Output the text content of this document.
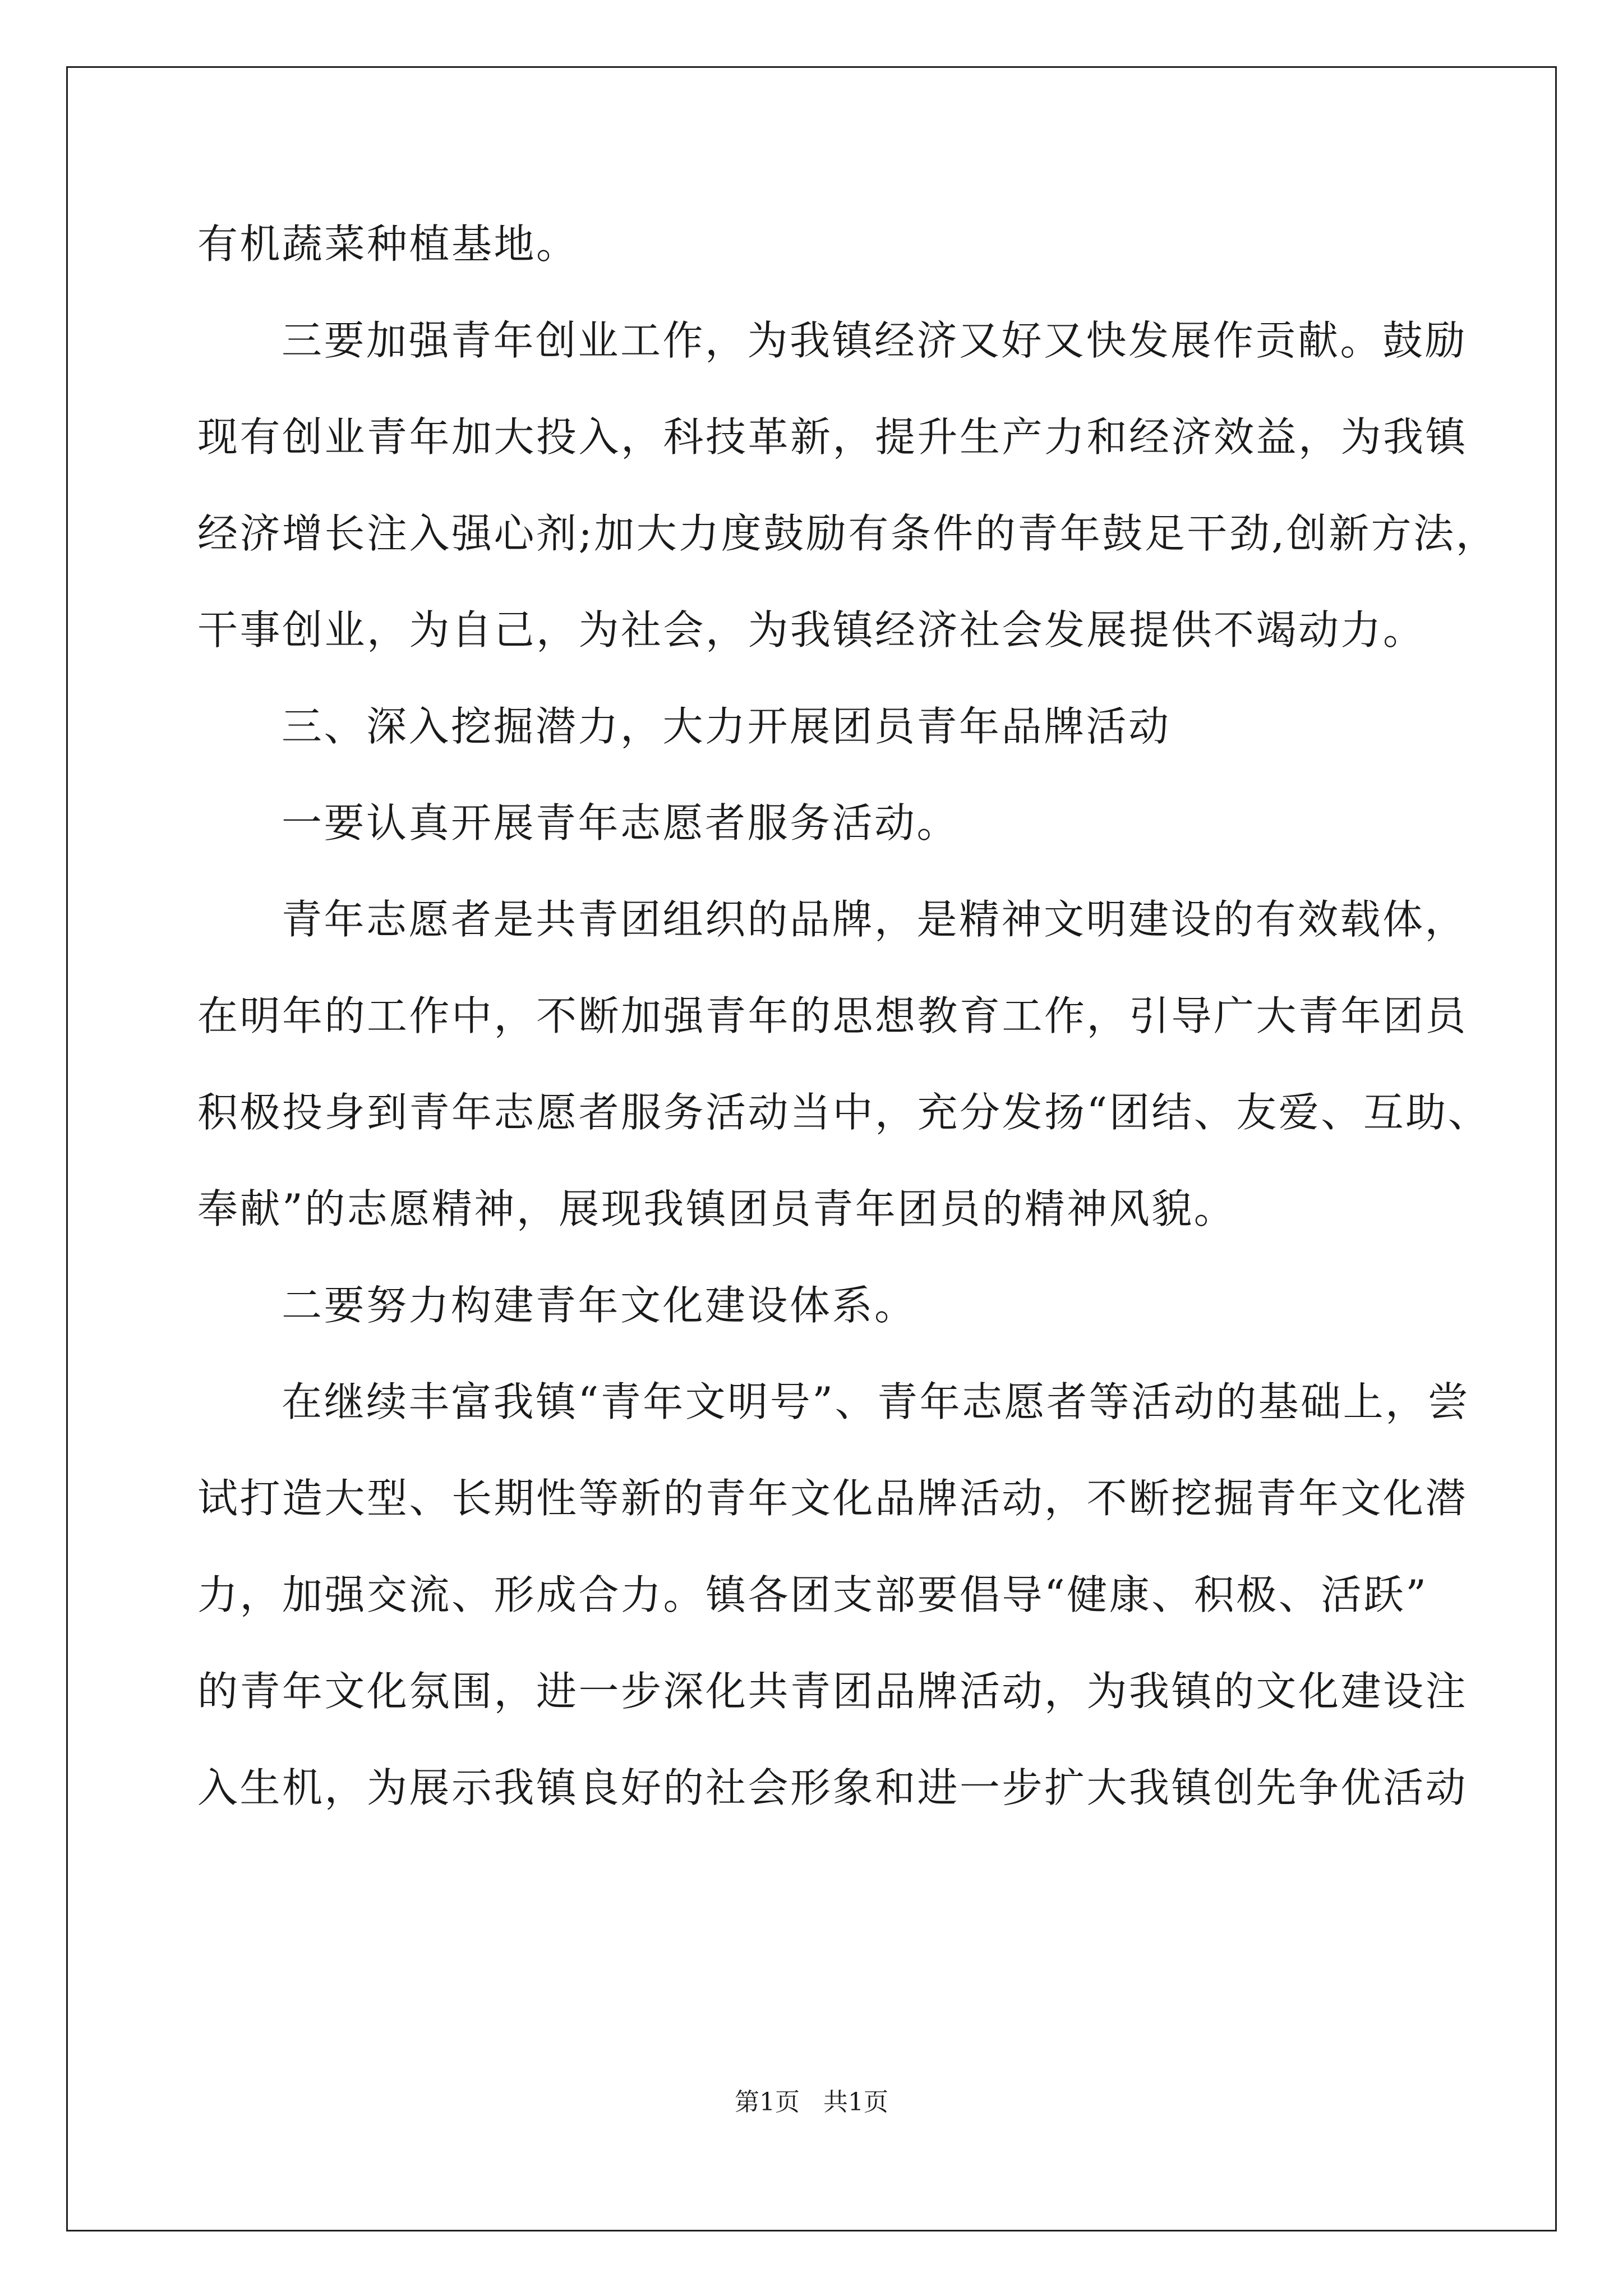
有机蔬菜种植基地。
三要加强青年创业工作，为我镇经济又好又快发展作贡献。鼓励
现有创业青年加大投入，科技革新，提升生产力和经济效益，为我镇
经济增长注入强心剂;加大力度鼓励有条件的青年鼓足干劲,创新方法，
干事创业，为自己，为社会，为我镇经济社会发展提供不竭动力。
三、深入挖掘潜力，大力开展团员青年品牌活动
一要认真开展青年志愿者服务活动。
青年志愿者是共青团组织的品牌，是精神文明建设的有效载体，
在明年的工作中，不断加强青年的思想教育工作，引导广大青年团员
积极投身到青年志愿者服务活动当中，充分发扬“团结、友爱、互助、
奉献”的志愿精神，展现我镇团员青年团员的精神风貌。
二要努力构建青年文化建设体系。
在继续丰富我镇“青年文明号”、青年志愿者等活动的基础上，尝
试打造大型、长期性等新的青年文化品牌活动，不断挖掘青年文化潜
力，加强交流、形成合力。镇各团支部要倡导“健康、积极、活跃”
的青年文化氛围，进一步深化共青团品牌活动，为我镇的文化建设注
入生机，为展示我镇良好的社会形象和进一步扩大我镇创先争优活动
第1页   共1页
